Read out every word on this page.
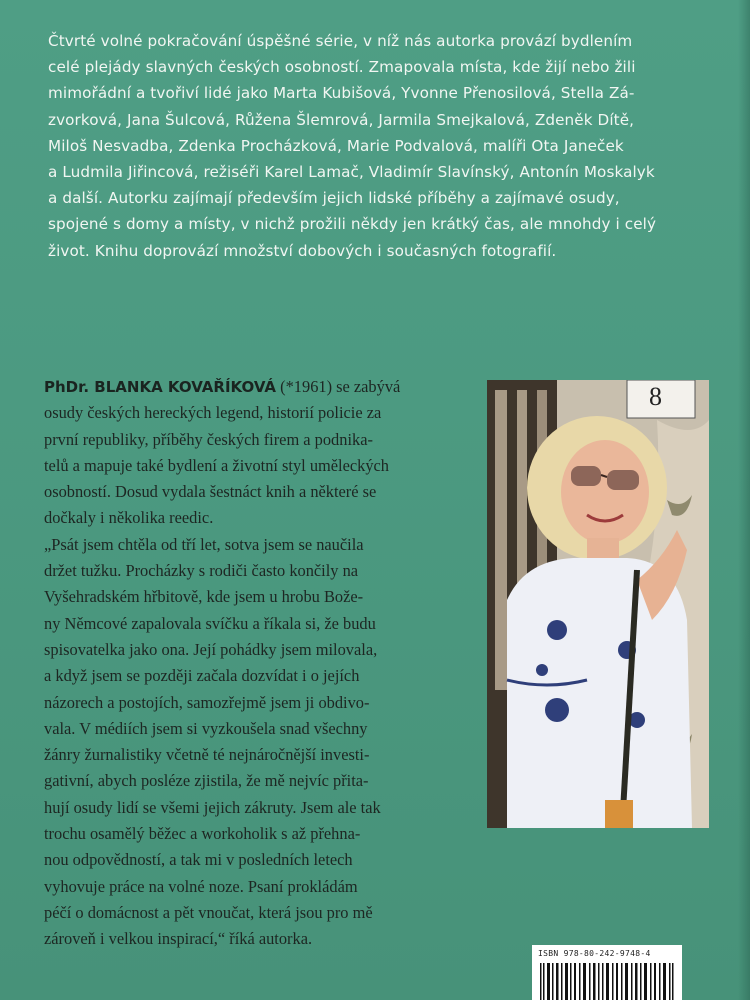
Čtvrté volné pokračování úspěšné série, v níž nás autorka provází bydlením
celé plejády slavných českých osobností. Zmapovala místa, kde žijí nebo žili
mimořádní a tvořiví lidé jako Marta Kubišová, Yvonne Přenosilová, Stella Zá-
zvorková, Jana Šulcová, Růžena Šlemrová, Jarmila Smejkalová, Zdeněk Dítě,
Miloš Nesvadba, Zdenka Procházková, Marie Podvalová, malíři Ota Janeček
a Ludmila Jiřincová, režiséři Karel Lamač, Vladimír Slavínský, Antonín Moskalyk
a další. Autorku zajímají především jejich lidské příběhy a zajímavé osudy,
spojené s domy a místy, v nichž prožili někdy jen krátký čas, ale mnohdy i celý
život. Knihu doprovází množství dobových i současných fotografií.
PhDr. BLANKA KOVAŘÍKOVÁ (*1961) se zabývá
osudy českých hereckých legend, historií policie za
první republiky, příběhy českých firem a podnika-
telů a mapuje také bydlení a životní styl uměleckých
osobností. Dosud vydala šestnáct knih a některé se
dočkaly i několika reedic.
„Psát jsem chtěla od tří let, sotva jsem se naučila
držet tužku. Procházky s rodiči často končily na
Vyšehradském hřbitově, kde jsem u hrobu Bože-
ny Němcové zapalovala svíčku a říkala si, že budu
spisovatelka jako ona. Její pohádky jsem milovala,
a když jsem se později začala dozvídat i o jejích
názorech a postojích, samozřejmě jsem ji obdivo-
vala. V médiích jsem si vyzkoušela snad všechny
žánry žurnalistiky včetně té nejnáročnější investi-
gativní, abych posléze zjistila, že mě nejvíc přita-
hují osudy lidí se všemi jejich zákruty. Jsem ale tak
trochu osamělý běžec a workoholik s až přehna-
nou odpovědností, a tak mi v posledních letech
vyhovuje práce na volné noze. Psaní prokládám
péčí o domácnost a pět vnoučat, která jsou pro mě
zároveň i velkou inspirací,“ říká autorka.
8
ISBN 978-80-242-9748-4
